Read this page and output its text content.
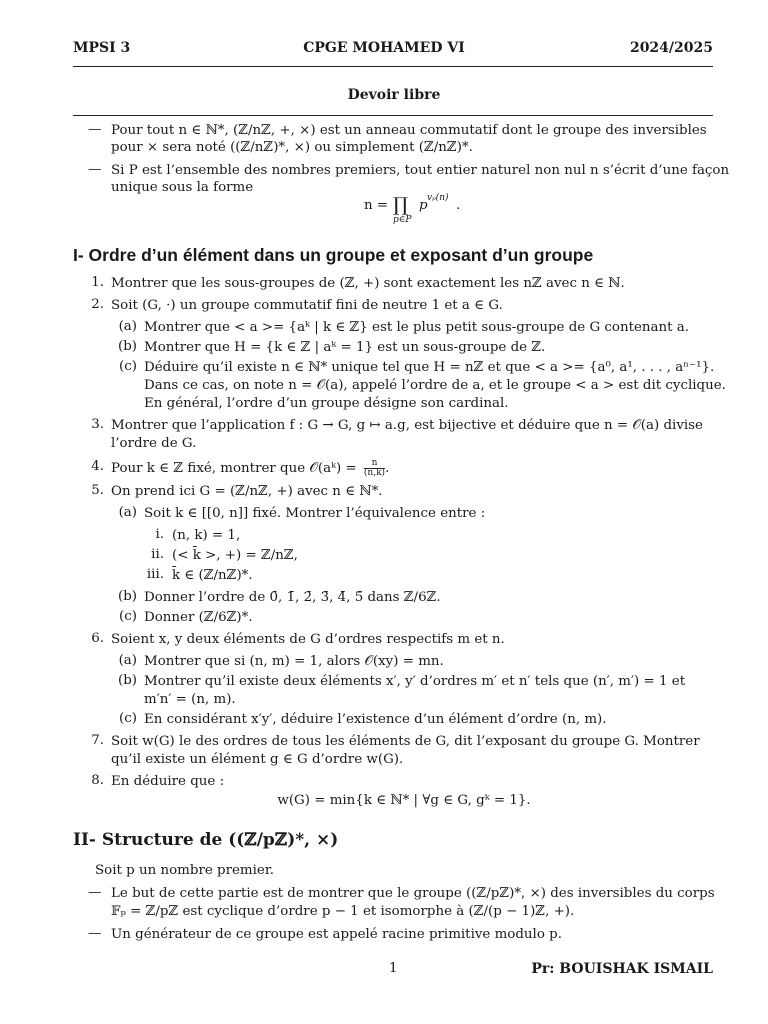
MPSI 3	CPGE MOHAMED VI	2024/2025
Devoir libre
— Pour tout n ∈ ℕ*, (ℤ/nℤ, +, ×) est un anneau commutatif dont le groupe des inversibles
pour × sera noté ((ℤ/nℤ)*, ×) ou simplement (ℤ/nℤ)*.
— Si P est l’ensemble des nombres premiers, tout entier naturel non nul n s’écrit d’une façon
unique sous la forme
n = ∏
p∈P
p vₚ(n) .
I- Ordre d’un élément dans un groupe et exposant d’un groupe
1. Montrer que les sous-groupes de (ℤ, +) sont exactement les nℤ avec n ∈ ℕ.
2. Soit (G, ·) un groupe commutatif fini de neutre 1 et a ∈ G.
(a) Montrer que < a >= {aᵏ | k ∈ ℤ} est le plus petit sous-groupe de G contenant a.
(b) Montrer que H = {k ∈ ℤ | aᵏ = 1} est un sous-groupe de ℤ.
(c) Déduire qu’il existe n ∈ ℕ* unique tel que H = nℤ et que < a >= {a⁰, a¹, . . . , aⁿ⁻¹}.
Dans ce cas, on note n = 𝒪(a), appelé l’ordre de a, et le groupe < a > est dit cyclique.
En général, l’ordre d’un groupe désigne son cardinal.
3. Montrer que l’application f : G → G, g ↦ a.g, est bijective et déduire que n = 𝒪(a) divise
l’ordre de G.
4. Pour k ∈ ℤ fixé, montrer que 𝒪(aᵏ) = $\frac{n}{(n,k)}$ .
5. On prend ici G = (ℤ/nℤ, +) avec n ∈ ℕ*.
(a) Soit k ∈ [[0, n]] fixé. Montrer l’équivalence entre :
i. (n, k) = 1,
ii. (< k̄ >, +) = ℤ/nℤ,
iii. k̄ ∈ (ℤ/nℤ)*.
(b) Donner l’ordre de 0̄, 1̄, 2̄, 3̄, 4̄, 5̄ dans ℤ/6ℤ.
(c) Donner (ℤ/6ℤ)*.
6. Soient x, y deux éléments de G d’ordres respectifs m et n.
(a) Montrer que si (n, m) = 1, alors 𝒪(xy) = mn.
(b) Montrer qu’il existe deux éléments x′, y′ d’ordres m′ et n′ tels que (n′, m′) = 1 et
m′n′ = (n, m).
(c) En considérant x′y′, déduire l’existence d’un élément d’ordre (n, m).
7. Soit w(G) le des ordres de tous les éléments de G, dit l’exposant du groupe G. Montrer
qu’il existe un élément g ∈ G d’ordre w(G).
8. En déduire que :
w(G) = min{k ∈ ℕ* | ∀g ∈ G, gᵏ = 1}.
II- Structure de ((ℤ/pℤ)*, ×)
Soit p un nombre premier.
— Le but de cette partie est de montrer que le groupe ((ℤ/pℤ)*, ×) des inversibles du corps
𝔽ₚ = ℤ/pℤ est cyclique d’ordre p − 1 et isomorphe à (ℤ/(p − 1)ℤ, +).
— Un générateur de ce groupe est appelé racine primitive modulo p.
1	Pr: BOUISHAK ISMAIL
